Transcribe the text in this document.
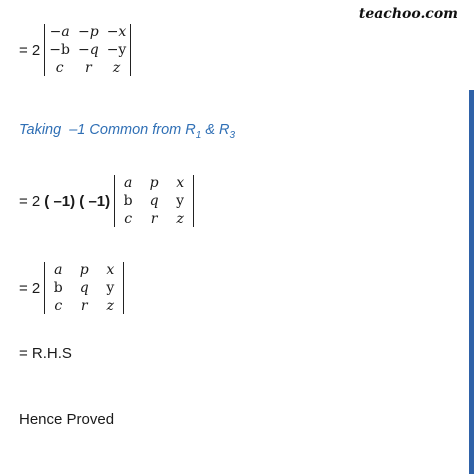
teachoo.com
= 2
−a −p −x
−b −q −y
c	r	z
Taking  –1 Common from $R_1$ & $R_3$
= 2 ( –1) ( –1)
a	p	x
b	q	y
c	r	z
= 2
a	p	x
b	q	y
c	r	z
= R.H.S
Hence Proved
